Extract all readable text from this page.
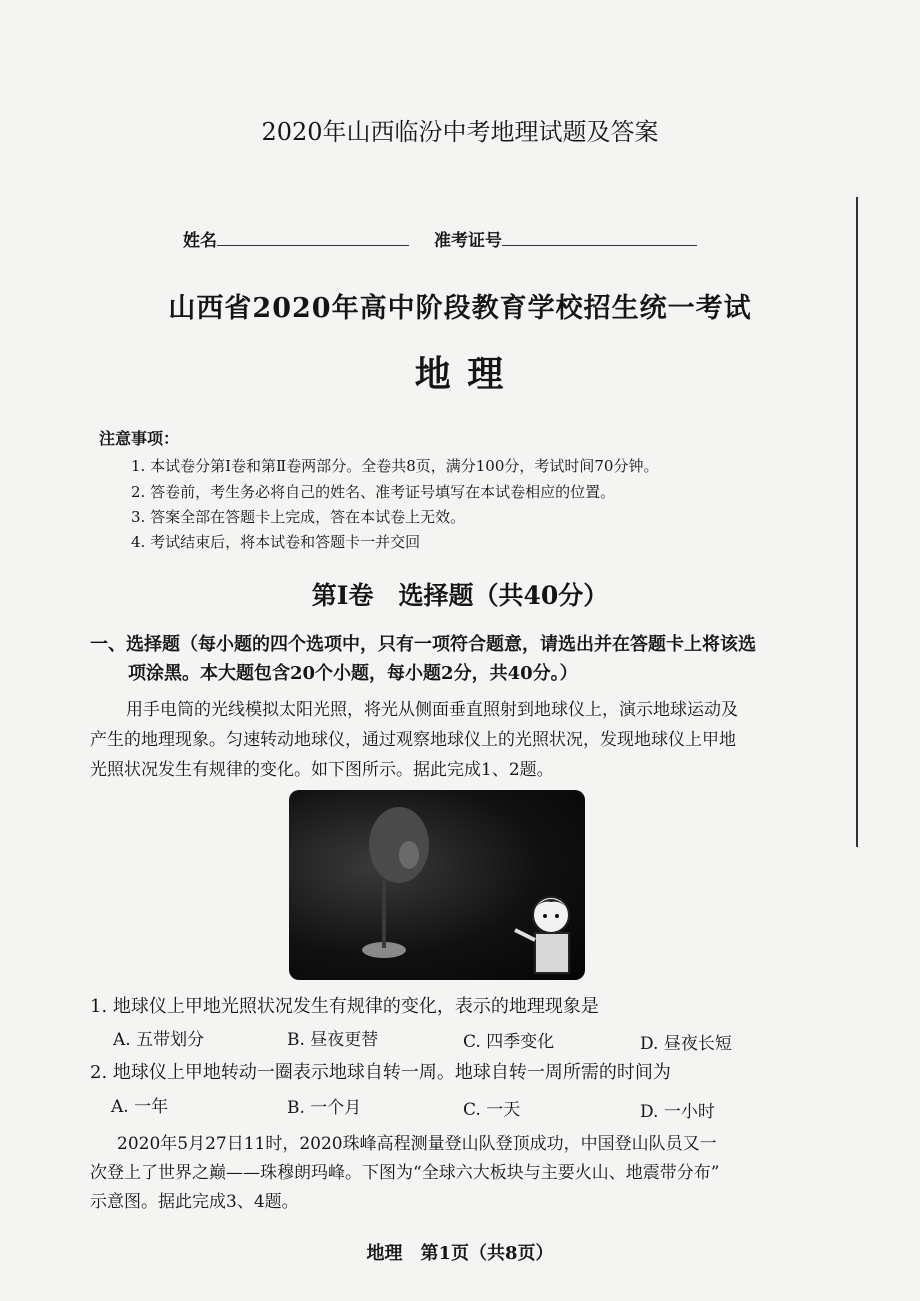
2020年山西临汾中考地理试题及答案
姓名	准考证号
山西省2020年高中阶段教育学校招生统一考试
地 理
注意事项：
1. 本试卷分第Ⅰ卷和第Ⅱ卷两部分。全卷共8页，满分100分，考试时间70分钟。
2. 答卷前，考生务必将自己的姓名、准考证号填写在本试卷相应的位置。
3. 答案全部在答题卡上完成，答在本试卷上无效。
4. 考试结束后，将本试卷和答题卡一并交回
第Ⅰ卷　选择题（共40分）
一、选择题（每小题的四个选项中，只有一项符合题意，请选出并在答题卡上将该选
项涂黑。本大题包含20个小题，每小题2分，共40分。）
用手电筒的光线模拟太阳光照，将光从侧面垂直照射到地球仪上，演示地球运动及
产生的地理现象。匀速转动地球仪，通过观察地球仪上的光照状况，发现地球仪上甲地
光照状况发生有规律的变化。如下图所示。据此完成1、2题。
1. 地球仪上甲地光照状况发生有规律的变化，表示的地理现象是
A. 五带划分	B. 昼夜更替	C. 四季变化	D. 昼夜长短
2. 地球仪上甲地转动一圈表示地球自转一周。地球自转一周所需的时间为
A. 一年	B. 一个月	C. 一天	D. 一小时
2020年5月27日11时，2020珠峰高程测量登山队登顶成功，中国登山队员又一
次登上了世界之巅——珠穆朗玛峰。下图为“全球六大板块与主要火山、地震带分布”
示意图。据此完成3、4题。
地理　第1页（共8页）
